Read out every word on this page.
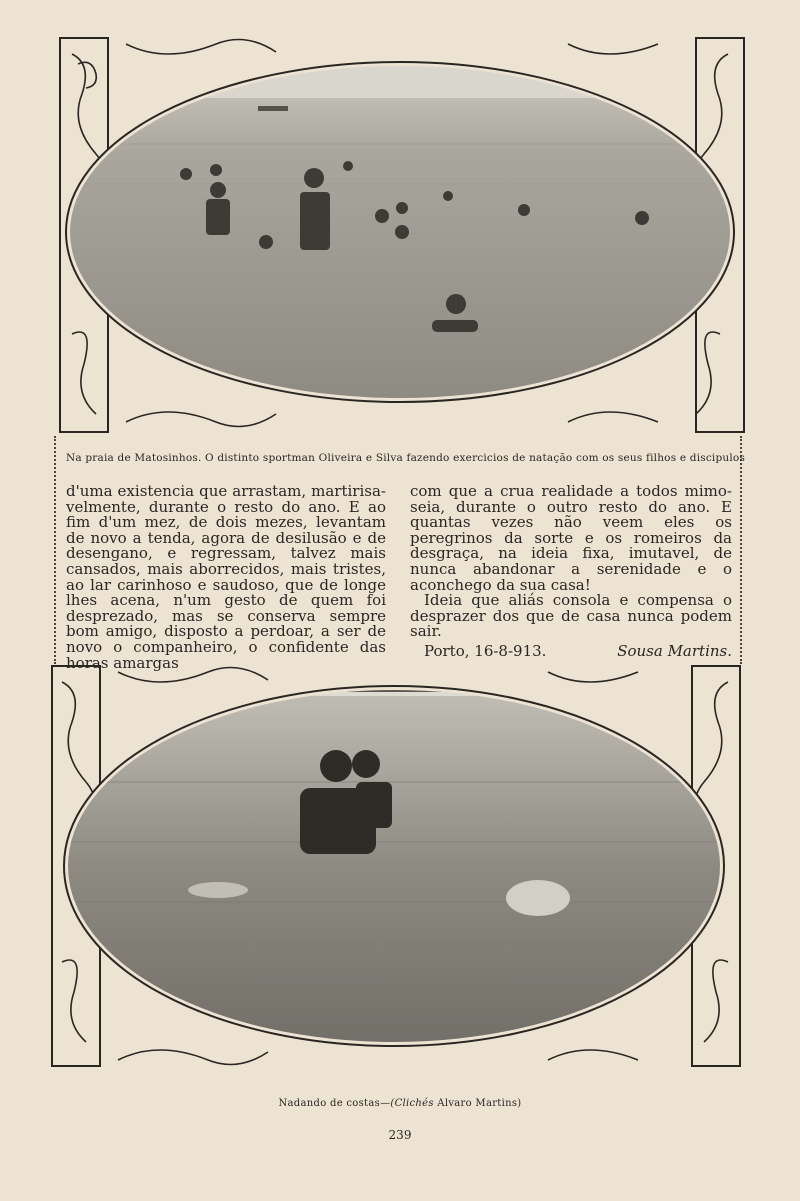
Na praia de Matosinhos. O distinto sportman Oliveira e Silva fazendo exercicios de natação com os seus filhos e discipulos

d'uma existencia que arrastam, martirisavelmente, durante o resto do ano. E ao fim d'um mez, de dois mezes, levantam de novo a tenda, agora de desilusão e de desengano, e regressam, talvez mais cansados, mais aborrecidos, mais tristes, ao lar carinhoso e saudoso, que de longe lhes acena, n'um gesto de quem foi desprezado, mas se conserva sempre bom amigo, disposto a perdoar, a ser de novo o companheiro, o confidente das horas amargas

com que a crua realidade a todos mimoseia, durante o outro resto do ano. E quantas vezes não veem eles os peregrinos da sorte e os romeiros da desgraça, na ideia fixa, imutavel, de nunca abandonar a serenidade e o aconchego da sua casa!

Ideia que aliás consola e compensa o desprazer dos que de casa nunca podem sair.

Porto, 16-8-913.	Sousa Martins.
Nadando de costas—(Clichés Alvaro Martins)
239
